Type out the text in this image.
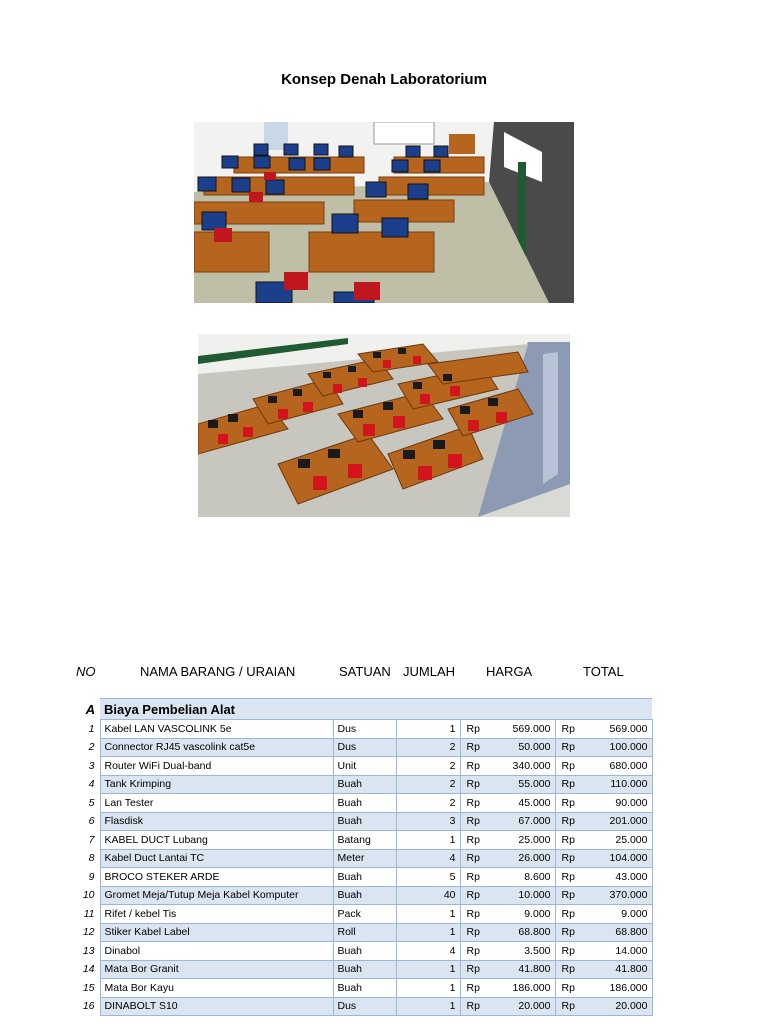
Konsep Denah Laboratorium
NO	NAMA BARANG / URAIAN	SATUAN JUMLAH HARGA	TOTAL
A	Biaya Pembelian Alat						
1	Kabel LAN VASCOLINK 5e	Dus	1	Rp	569.000	Rp	569.000
2	Connector RJ45 vascolink cat5e	Dus	2	Rp	50.000	Rp	100.000
3	Router WiFi Dual-band	Unit	2	Rp	340.000	Rp	680.000
4	Tank Krimping	Buah	2	Rp	55.000	Rp	110.000
5	Lan Tester	Buah	2	Rp	45.000	Rp	90.000
6	Flasdisk	Buah	3	Rp	67.000	Rp	201.000
7	KABEL DUCT Lubang	Batang	1	Rp	25.000	Rp	25.000
8	Kabel Duct Lantai TC	Meter	4	Rp	26.000	Rp	104.000
9	BROCO STEKER ARDE	Buah	5	Rp	8.600	Rp	43.000
10	Gromet Meja/Tutup Meja Kabel Komputer	Buah	40	Rp	10.000	Rp	370.000
11	Rifet / kebel Tis	Pack	1	Rp	9.000	Rp	9.000
12	Stiker Kabel Label	Roll	1	Rp	68.800	Rp	68.800
13	Dinabol	Buah	4	Rp	3.500	Rp	14.000
14	Mata Bor Granit	Buah	1	Rp	41.800	Rp	41.800
15	Mata Bor Kayu	Buah	1	Rp	186.000	Rp	186.000
16	DINABOLT S10	Dus	1	Rp	20.000	Rp	20.000
